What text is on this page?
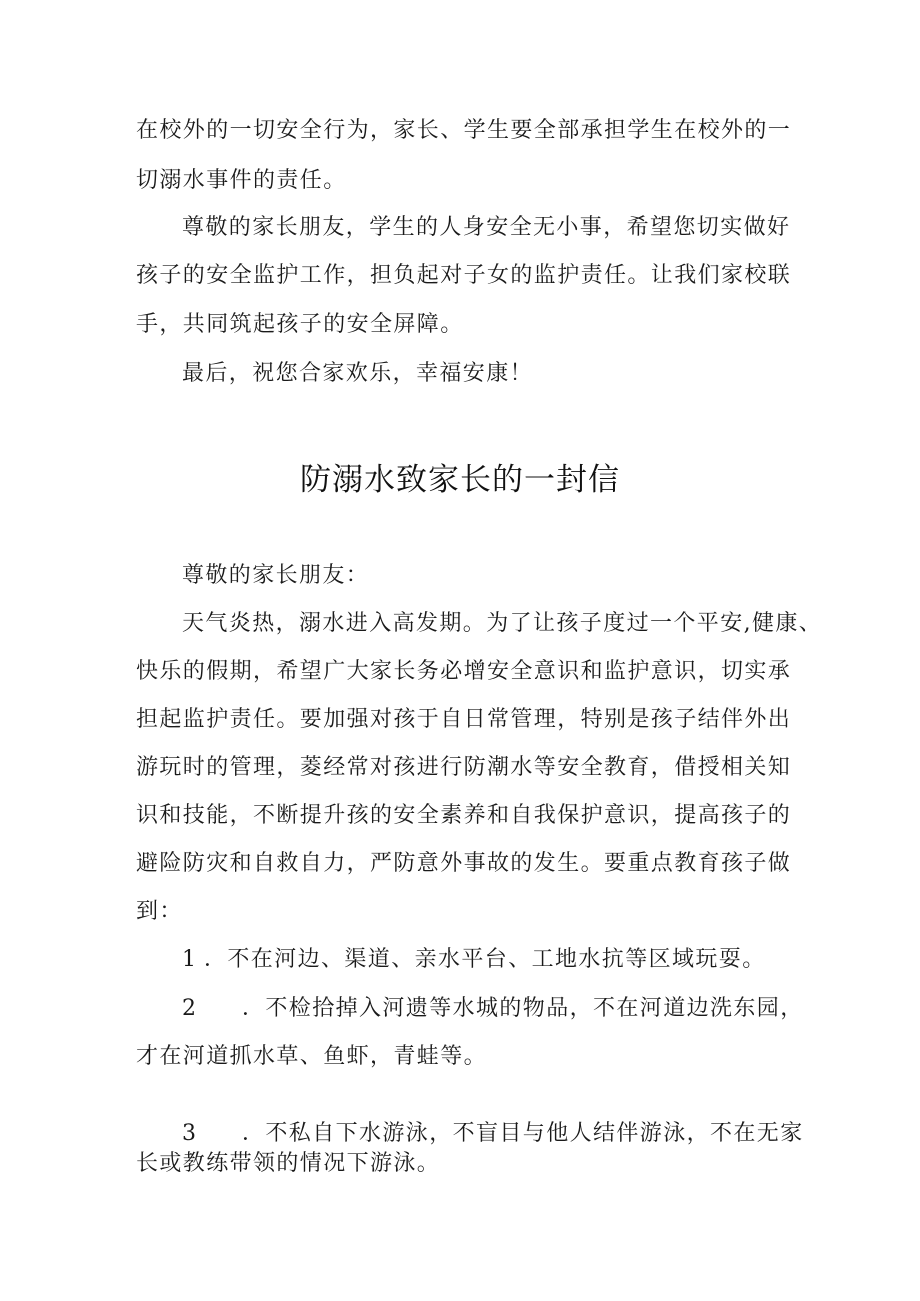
在校外的一切安全行为，家长、学生要全部承担学生在校外的一
切溺水事件的责任。
尊敬的家长朋友，学生的人身安全无小事，希望您切实做好
孩子的安全监护工作，担负起对子女的监护责任。让我们家校联
手，共同筑起孩子的安全屏障。
最后，祝您合家欢乐，幸福安康！
防溺水致家长的一封信
尊敬的家长朋友：
天气炎热，溺水进入高发期。为了让孩子度过一个平安,健康、
快乐的假期，希望广大家长务必增安全意识和监护意识，切实承
担起监护责任。要加强对孩于自日常管理，特别是孩子结伴外出
游玩时的管理，菱经常对孩进行防潮水等安全教育，借授相关知
识和技能，不断提升孩的安全素养和自我保护意识，提高孩子的
避险防灾和自救自力，严防意外事故的发生。要重点教育孩子做
到：
1 ．不在河边、渠道、亲水平台、工地水抗等区域玩耍。
2 ．不检拾掉入河遗等水城的物品，不在河道边洗东园，
才在河道抓水草、鱼虾，青蛙等。
3 ．不私自下水游泳，不盲目与他人结伴游泳，不在无家
长或教练带领的情况下游泳。
